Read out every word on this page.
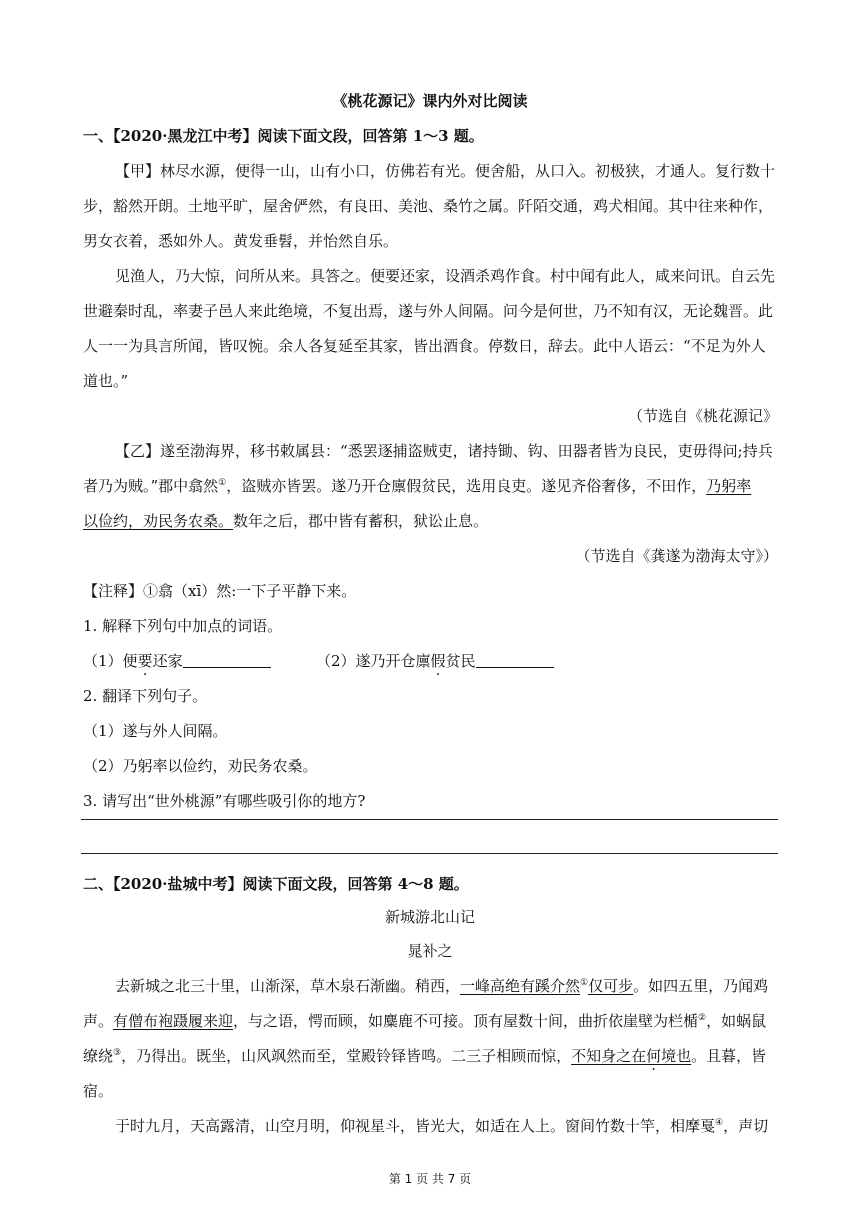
《桃花源记》课内外对比阅读
一、【2020·黑龙江中考】阅读下面文段，回答第 1～3 题。
【甲】林尽水源，便得一山，山有小口，仿佛若有光。便舍船，从口入。初极狭，才通人。复行数十
步，豁然开朗。土地平旷，屋舍俨然，有良田、美池、桑竹之属。阡陌交通，鸡犬相闻。其中往来种作，
男女衣着，悉如外人。黄发垂髫，并怡然自乐。
见渔人，乃大惊，问所从来。具答之。便要还家，设酒杀鸡作食。村中闻有此人，咸来问讯。自云先
世避秦时乱，率妻子邑人来此绝境，不复出焉，遂与外人间隔。问今是何世，乃不知有汉，无论魏晋。此
人一一为具言所闻，皆叹惋。余人各复延至其家，皆出酒食。停数日，辞去。此中人语云：“不足为外人
道也。”
（节选自《桃花源记》
【乙】遂至渤海界，移书敕属县：“悉罢逐捕盗贼吏，诸持锄、钩、田器者皆为良民，吏毋得问;持兵
者乃为贼。”郡中翕然①，盗贼亦皆罢。遂乃开仓廪假贫民，选用良吏。遂见齐俗奢侈，不田作，乃躬率
以俭约，劝民务农桑。数年之后，郡中皆有蓄积，狱讼止息。
（节选自《龚遂为渤海太守》）
【注释】①翕（xī）然:一下子平静下来。
1. 解释下列句中加点的词语。
（1）便要还家	（2）遂乃开仓廪假贫民
2. 翻译下列句子。
（1）遂与外人间隔。
（2）乃躬率以俭约，劝民务农桑。
3. 请写出“世外桃源”有哪些吸引你的地方?
二、【2020·盐城中考】阅读下面文段，回答第 4～8 题。
新城游北山记
晁补之
去新城之北三十里，山渐深，草木泉石渐幽。稍西，一峰高绝有蹊介然①仅可步。如四五里，乃闻鸡
声。有僧布袍蹑履来迎，与之语，愕而顾，如麋鹿不可接。顶有屋数十间，曲折依崖壁为栏楯②，如蜗鼠
缭绕③，乃得出。既坐，山风飒然而至，堂殿铃铎皆鸣。二三子相顾而惊，不知身之在何境也。且暮，皆
宿。
于时九月，天高露清，山空月明，仰视星斗，皆光大，如适在人上。窗间竹数十竿，相摩戛④，声切
第 1 页 共 7 页
